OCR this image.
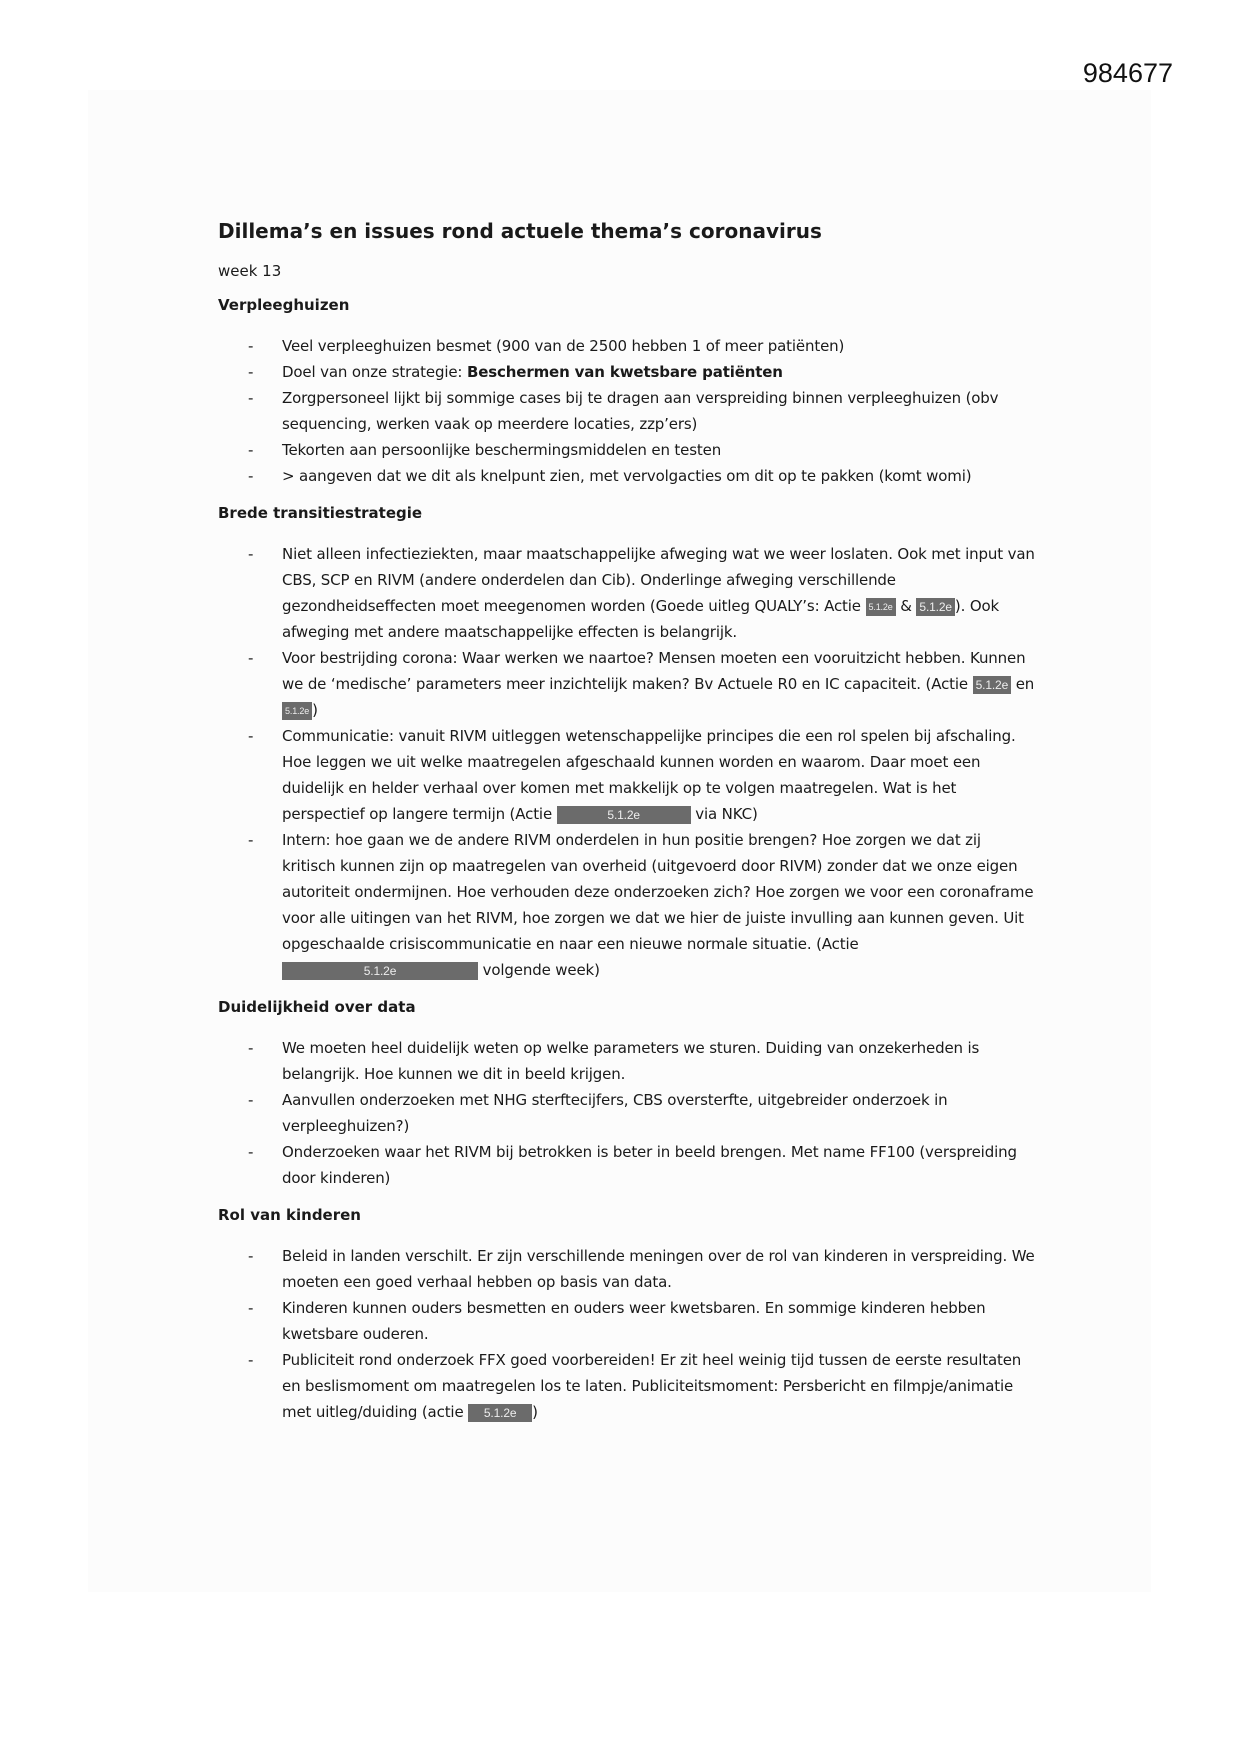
984677
Dillema’s en issues rond actuele thema’s coronavirus
week 13
Verpleeghuizen
- Veel verpleeghuizen besmet (900 van de 2500 hebben 1 of meer patiënten)
- Doel van onze strategie: Beschermen van kwetsbare patiënten
- Zorgpersoneel lijkt bij sommige cases bij te dragen aan verspreiding binnen verpleeghuizen (obv sequencing, werken vaak op meerdere locaties, zzp’ers)
- Tekorten aan persoonlijke beschermingsmiddelen en testen
- > aangeven dat we dit als knelpunt zien, met vervolgacties om dit op te pakken (komt womi)
Brede transitiestrategie
- Niet alleen infectieziekten, maar maatschappelijke afweging wat we weer loslaten. Ook met input van CBS, SCP en RIVM (andere onderdelen dan Cib). Onderlinge afweging verschillende gezondheidseffecten moet meegenomen worden (Goede uitleg QUALY’s: Actie 5.1.2e & 5.1.2e ). Ook afweging met andere maatschappelijke effecten is belangrijk.
- Voor bestrijding corona: Waar werken we naartoe? Mensen moeten een vooruitzicht hebben. Kunnen we de ‘medische’ parameters meer inzichtelijk maken? Bv Actuele R0 en IC capaciteit. (Actie 5.1.2e en 5.1.2e )
- Communicatie: vanuit RIVM uitleggen wetenschappelijke principes die een rol spelen bij afschaling. Hoe leggen we uit welke maatregelen afgeschaald kunnen worden en waarom. Daar moet een duidelijk en helder verhaal over komen met makkelijk op te volgen maatregelen. Wat is het perspectief op langere termijn (Actie	5.1.2e	via NKC)
- Intern: hoe gaan we de andere RIVM onderdelen in hun positie brengen? Hoe zorgen we dat zij kritisch kunnen zijn op maatregelen van overheid (uitgevoerd door RIVM) zonder dat we onze eigen autoriteit ondermijnen. Hoe verhouden deze onderzoeken zich? Hoe zorgen we voor een coronaframe voor alle uitingen van het RIVM, hoe zorgen we dat we hier de juiste invulling aan kunnen geven. Uit opgeschaalde crisiscommunicatie en naar een nieuwe normale situatie. (Actie 5.1.2e	volgende week)
Duidelijkheid over data
- We moeten heel duidelijk weten op welke parameters we sturen. Duiding van onzekerheden is belangrijk. Hoe kunnen we dit in beeld krijgen.
- Aanvullen onderzoeken met NHG sterftecijfers, CBS oversterfte, uitgebreider onderzoek in verpleeghuizen?)
- Onderzoeken waar het RIVM bij betrokken is beter in beeld brengen. Met name FF100 (verspreiding door kinderen)
Rol van kinderen
- Beleid in landen verschilt. Er zijn verschillende meningen over de rol van kinderen in verspreiding. We moeten een goed verhaal hebben op basis van data.
- Kinderen kunnen ouders besmetten en ouders weer kwetsbaren. En sommige kinderen hebben kwetsbare ouderen.
- Publiciteit rond onderzoek FFX goed voorbereiden! Er zit heel weinig tijd tussen de eerste resultaten en beslismoment om maatregelen los te laten. Publiciteitsmoment: Persbericht en filmpje/animatie met uitleg/duiding (actie 5.1.2e )
